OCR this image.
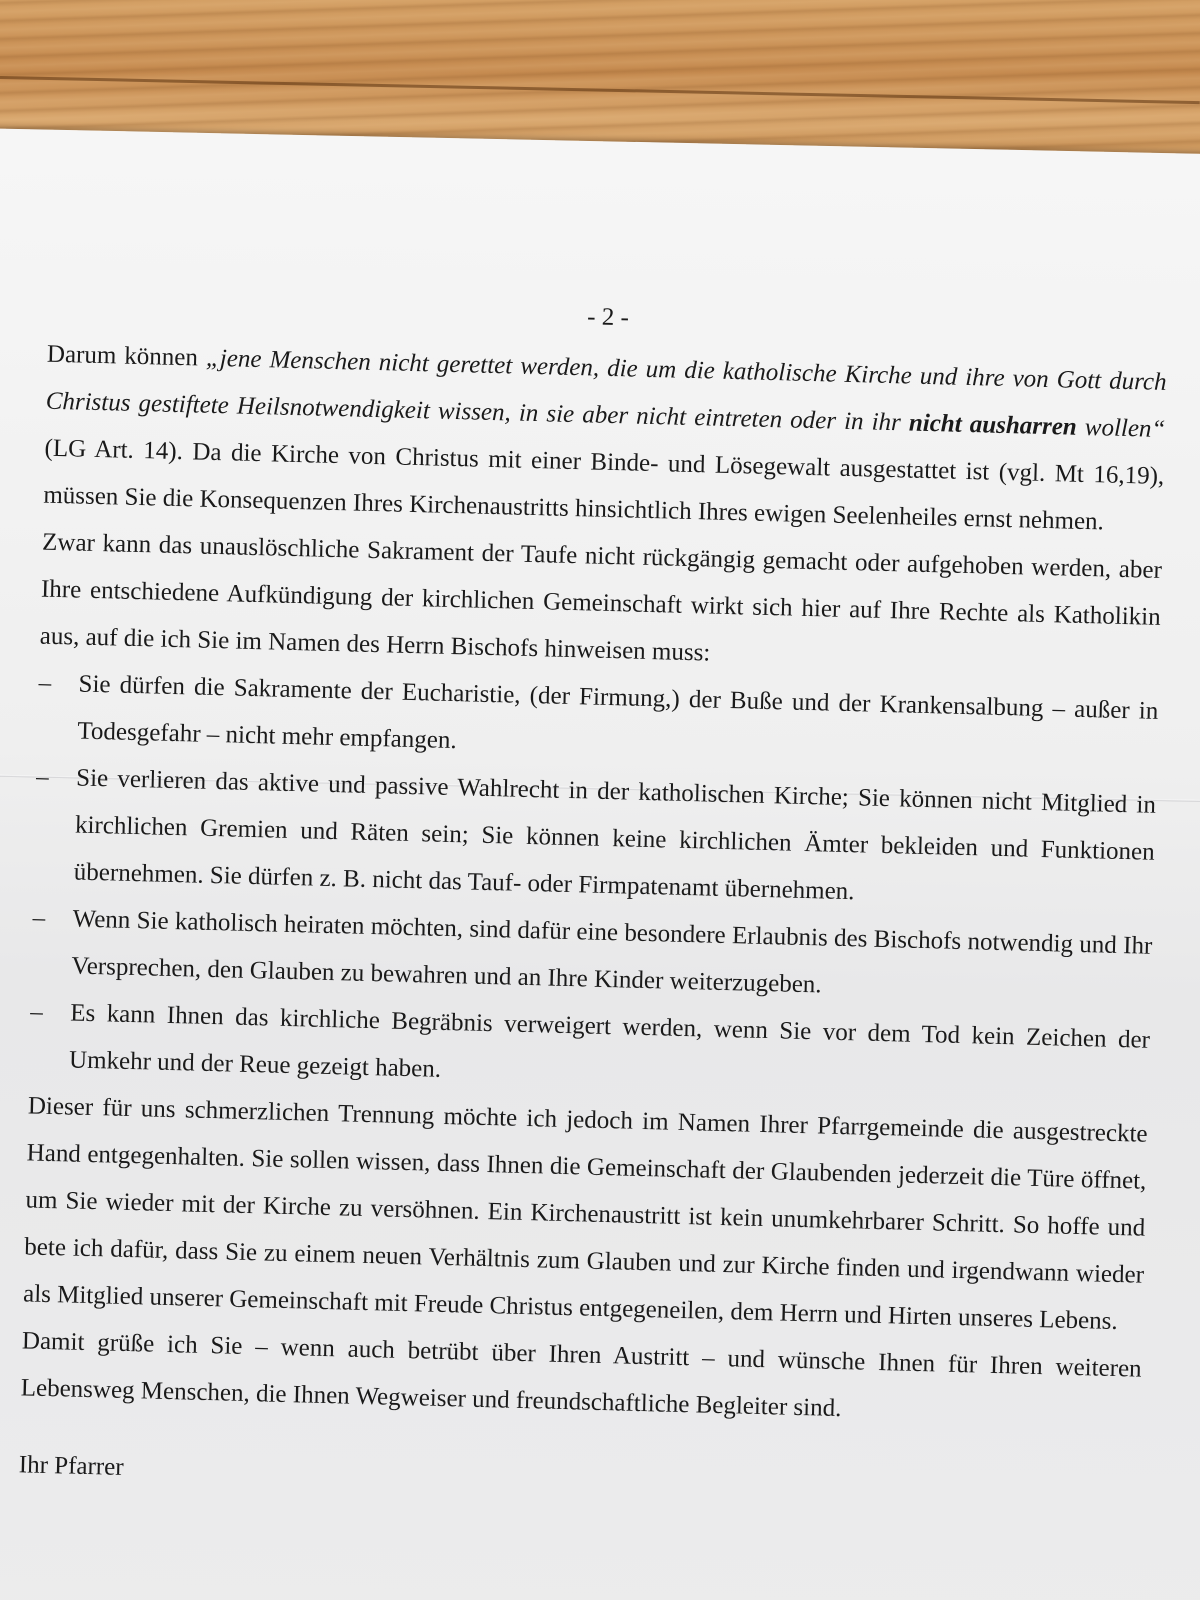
- 2 -

Darum können „jene Menschen nicht gerettet werden, die um die katholische Kirche und ihre von Gott durch Christus gestiftete Heilsnotwendigkeit wissen, in sie aber nicht eintreten oder in ihr nicht ausharren wollen“ (LG Art. 14). Da die Kirche von Christus mit einer Binde- und Lösegewalt ausgestattet ist (vgl. Mt 16,19), müssen Sie die Konsequenzen Ihres Kirchenaustritts hinsichtlich Ihres ewigen Seelenheiles ernst nehmen.

Zwar kann das unauslöschliche Sakrament der Taufe nicht rückgängig gemacht oder aufgehoben werden, aber Ihre entschiedene Aufkündigung der kirchlichen Gemeinschaft wirkt sich hier auf Ihre Rechte als Katholikin aus, auf die ich Sie im Namen des Herrn Bischofs hinweisen muss:

– Sie dürfen die Sakramente der Eucharistie, (der Firmung,) der Buße und der Krankensalbung – außer in Todesgefahr – nicht mehr empfangen.
– Sie verlieren das aktive und passive Wahlrecht in der katholischen Kirche; Sie können nicht Mitglied in kirchlichen Gremien und Räten sein; Sie können keine kirchlichen Ämter bekleiden und Funktionen übernehmen. Sie dürfen z. B. nicht das Tauf- oder Firmpatenamt übernehmen.
– Wenn Sie katholisch heiraten möchten, sind dafür eine besondere Erlaubnis des Bischofs notwendig und Ihr Versprechen, den Glauben zu bewahren und an Ihre Kinder weiterzugeben.
– Es kann Ihnen das kirchliche Begräbnis verweigert werden, wenn Sie vor dem Tod kein Zeichen der Umkehr und der Reue gezeigt haben.

Dieser für uns schmerzlichen Trennung möchte ich jedoch im Namen Ihrer Pfarrgemeinde die ausgestreckte Hand entgegenhalten. Sie sollen wissen, dass Ihnen die Gemeinschaft der Glaubenden jederzeit die Türe öffnet, um Sie wieder mit der Kirche zu versöhnen. Ein Kirchenaustritt ist kein unumkehrbarer Schritt. So hoffe und bete ich dafür, dass Sie zu einem neuen Verhältnis zum Glauben und zur Kirche finden und irgendwann wieder als Mitglied unserer Gemeinschaft mit Freude Christus entgegeneilen, dem Herrn und Hirten unseres Lebens.

Damit grüße ich Sie – wenn auch betrübt über Ihren Austritt – und wünsche Ihnen für Ihren weiteren Lebensweg Menschen, die Ihnen Wegweiser und freundschaftliche Begleiter sind.

Ihr Pfarrer
